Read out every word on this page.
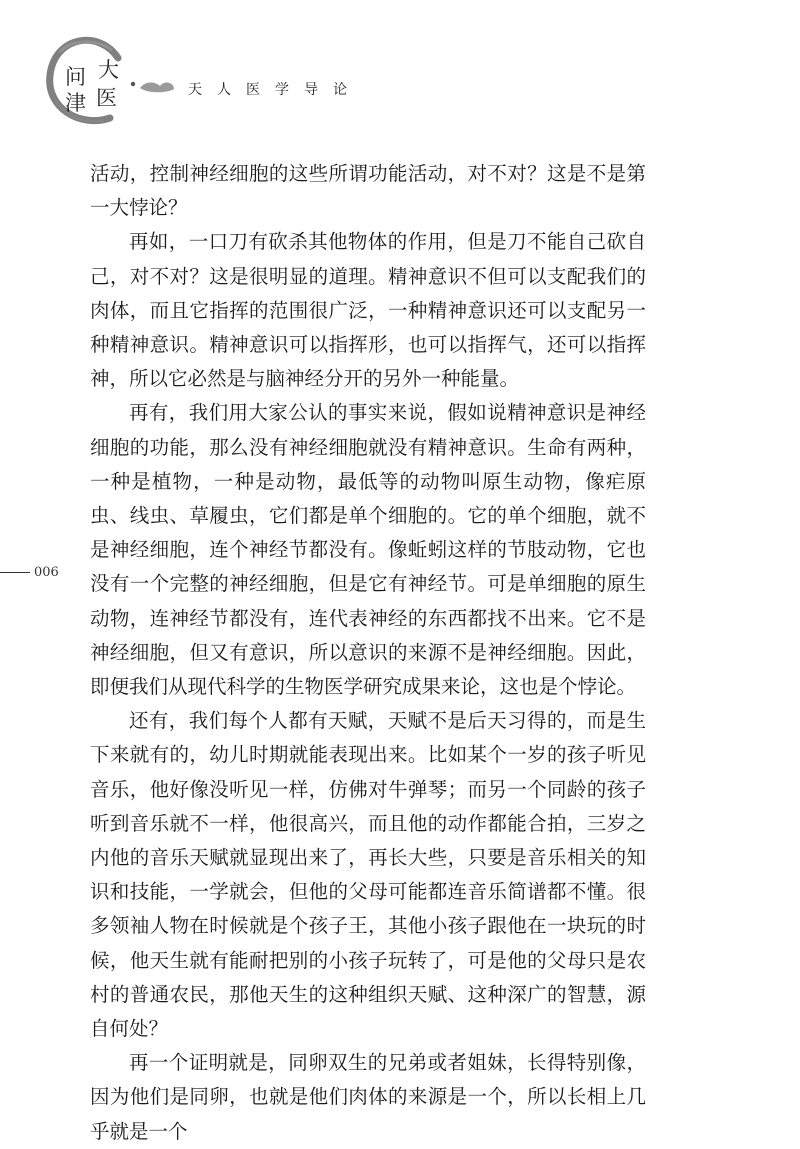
问 大
津 医	天人医学导论
006

活动，控制神经细胞的这些所谓功能活动，对不对？这是不是第一大悖论？

再如，一口刀有砍杀其他物体的作用，但是刀不能自己砍自己，对不对？这是很明显的道理。精神意识不但可以支配我们的肉体，而且它指挥的范围很广泛，一种精神意识还可以支配另一种精神意识。精神意识可以指挥形，也可以指挥气，还可以指挥神，所以它必然是与脑神经分开的另外一种能量。

再有，我们用大家公认的事实来说，假如说精神意识是神经细胞的功能，那么没有神经细胞就没有精神意识。生命有两种，一种是植物，一种是动物，最低等的动物叫原生动物，像疟原虫、线虫、草履虫，它们都是单个细胞的。它的单个细胞，就不是神经细胞，连个神经节都没有。像蚯蚓这样的节肢动物，它也没有一个完整的神经细胞，但是它有神经节。可是单细胞的原生动物，连神经节都没有，连代表神经的东西都找不出来。它不是神经细胞，但又有意识，所以意识的来源不是神经细胞。因此，即便我们从现代科学的生物医学研究成果来论，这也是个悖论。

还有，我们每个人都有天赋，天赋不是后天习得的，而是生下来就有的，幼儿时期就能表现出来。比如某个一岁的孩子听见音乐，他好像没听见一样，仿佛对牛弹琴；而另一个同龄的孩子听到音乐就不一样，他很高兴，而且他的动作都能合拍，三岁之内他的音乐天赋就显现出来了，再长大些，只要是音乐相关的知识和技能，一学就会，但他的父母可能都连音乐简谱都不懂。很多领袖人物在时候就是个孩子王，其他小孩子跟他在一块玩的时候，他天生就有能耐把别的小孩子玩转了，可是他的父母只是农村的普通农民，那他天生的这种组织天赋、这种深广的智慧，源自何处？

再一个证明就是，同卵双生的兄弟或者姐妹，长得特别像，因为他们是同卵，也就是他们肉体的来源是一个，所以长相上几乎就是一个
